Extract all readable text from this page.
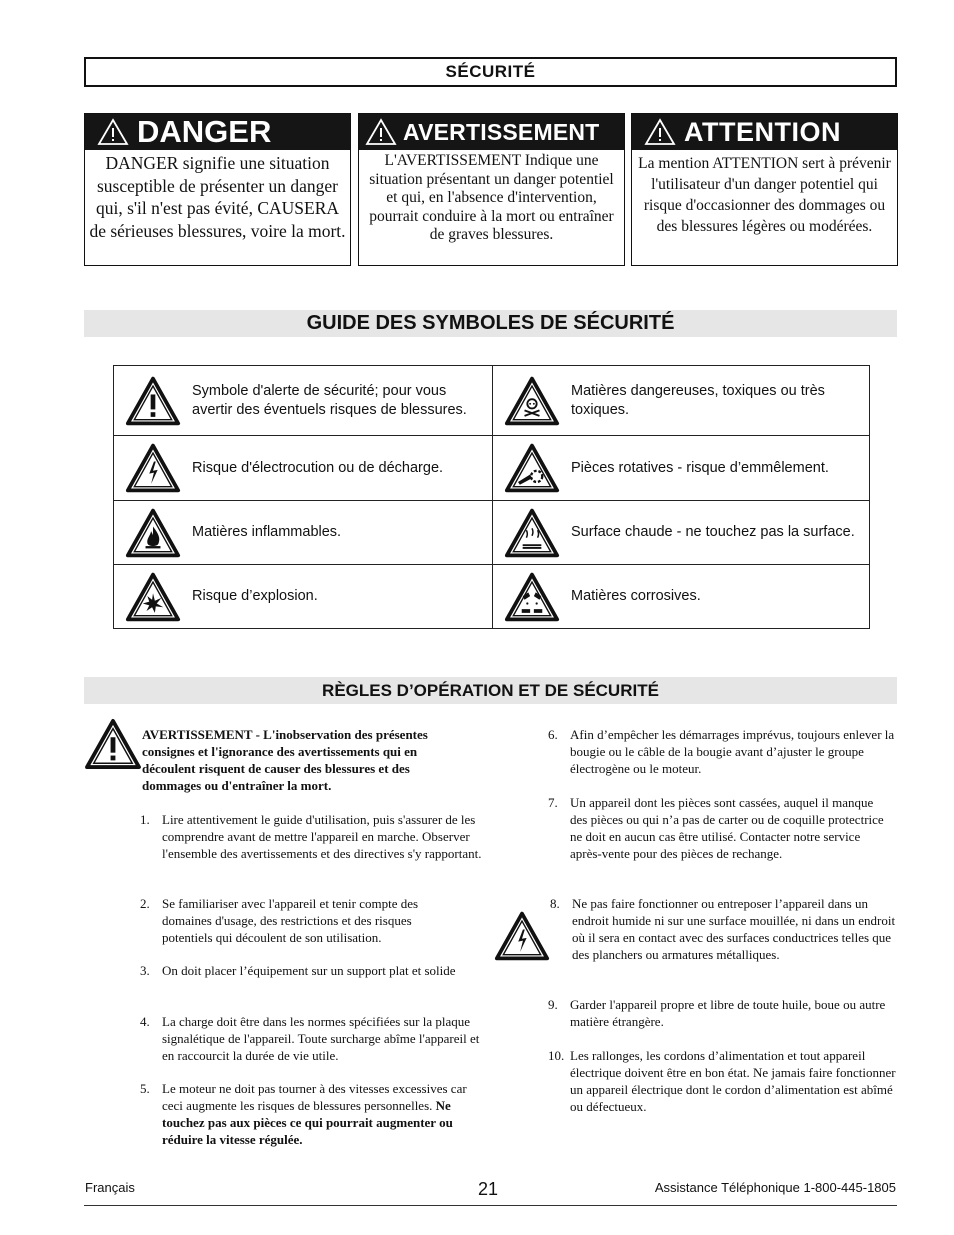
SÉCURITÉ
DANGER
DANGER signifie une situation susceptible de présenter un danger qui, s'il n'est pas évité, CAUSERA de sérieuses blessures, voire la mort.
AVERTISSEMENT
L'AVERTISSEMENT Indique une situation présentant un danger potentiel et qui, en l'absence d'intervention, pourrait conduire à la mort ou entraîner de graves blessures.
ATTENTION
La mention ATTENTION sert à prévenir l'utilisateur d'un danger potentiel qui risque d'occasionner des dommages ou des blessures légères ou modérées.
GUIDE DES SYMBOLES DE SÉCURITÉ
Symbole d'alerte de sécurité; pour vous avertir des éventuels risques de blessures.	Matières dangereuses, toxiques ou très toxiques.

Risque d'électrocution ou de décharge.	Pièces rotatives - risque d’emmêlement.

Matières inflammables.	Surface chaude - ne touchez pas la surface.

Risque d’explosion.	Matières corrosives.
RÈGLES D’OPÉRATION ET DE SÉCURITÉ
AVERTISSEMENT - L'inobservation des présentes consignes et l'ignorance des avertissements qui en découlent risquent de causer des blessures et des dommages ou d'entraîner la mort.
1. Lire attentivement le guide d'utilisation, puis s'assurer de les comprendre avant de mettre l'appareil en marche. Observer l'ensemble des avertissements et des directives s'y rapportant.
2. Se familiariser avec l'appareil et tenir compte des domaines d'usage, des restrictions et des risques potentiels qui découlent de son utilisation.
3. On doit placer l’équipement sur un support plat et solide
4. La charge doit être dans les normes spécifiées sur la plaque signalétique de l'appareil. Toute surcharge abîme l'appareil et en raccourcit la durée de vie utile.
5. Le moteur ne doit pas tourner à des vitesses excessives car ceci augmente les risques de blessures personnelles. Ne touchez pas aux pièces ce qui pourrait augmenter ou réduire la vitesse régulée.
6. Afin d’empêcher les démarrages imprévus, toujours enlever la bougie ou le câble de la bougie avant d’ajuster le groupe électrogène ou le moteur.
7. Un appareil dont les pièces sont cassées, auquel il manque des pièces ou qui n’a pas de carter ou de coquille protectrice ne doit en aucun cas être utilisé. Contacter notre service après-vente pour des pièces de rechange.
8. Ne pas faire fonctionner ou entreposer l’appareil dans un endroit humide ni sur une surface mouillée, ni dans un endroit où il sera en contact avec des surfaces conductrices telles que des planchers ou armatures métalliques.
9. Garder l'appareil propre et libre de toute huile, boue ou autre matière étrangère.
10. Les rallonges, les cordons d’alimentation et tout appareil électrique doivent être en bon état. Ne jamais faire fonctionner un appareil électrique dont le cordon d’alimentation est abîmé ou défectueux.
Français	21	Assistance Téléphonique 1-800-445-1805
